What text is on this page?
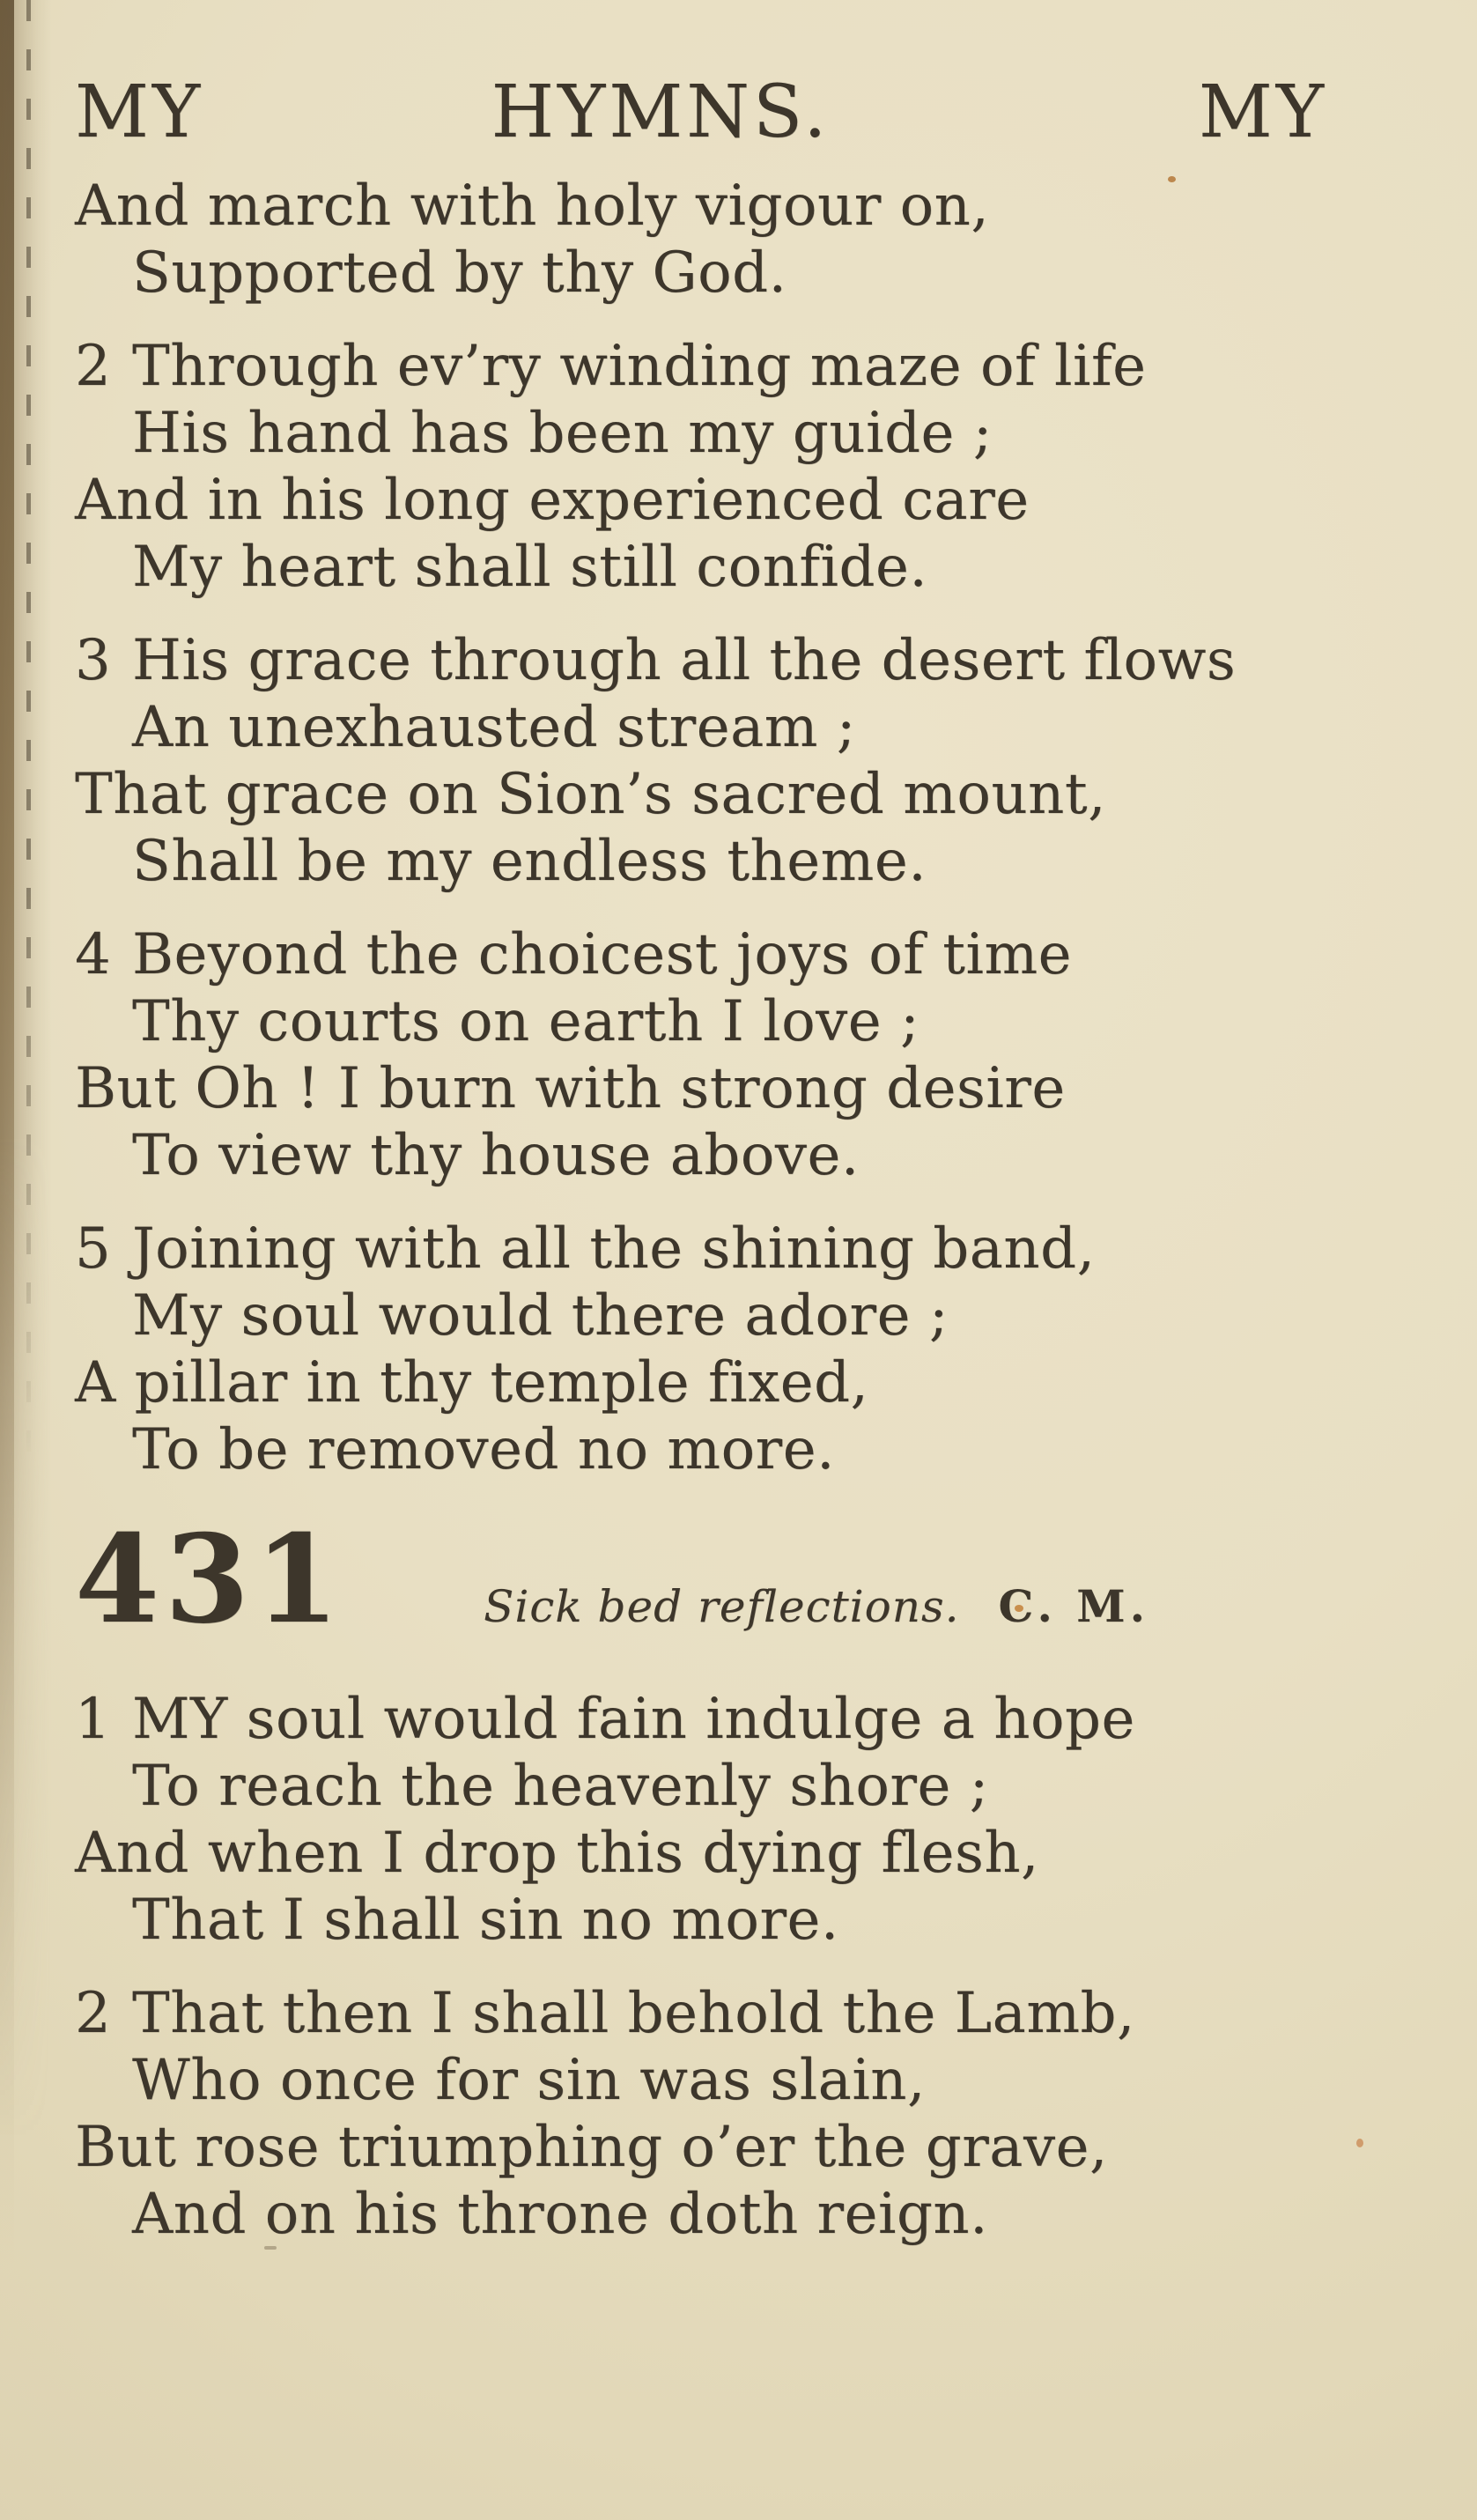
MY	HYMNS.	MY
And march with holy vigour on,
Supported by thy God.
2 Through ev’ry winding maze of life
His hand has been my guide ;
And in his long experienced care
My heart shall still confide.
3 His grace through all the desert flows
An unexhausted stream ;
That grace on Sion’s sacred mount,
Shall be my endless theme.
4 Beyond the choicest joys of time
Thy courts on earth I love ;
But Oh ! I burn with strong desire
To view thy house above.
5 Joining with all the shining band,
My soul would there adore ;
A pillar in thy temple fixed,
To be removed no more.
431	Sick bed reflections. C. M.
1 MY soul would fain indulge a hope
To reach the heavenly shore ;
And when I drop this dying flesh,
That I shall sin no more.
2 That then I shall behold the Lamb,
Who once for sin was slain,
But rose triumphing o’er the grave,
And on his throne doth reign.
